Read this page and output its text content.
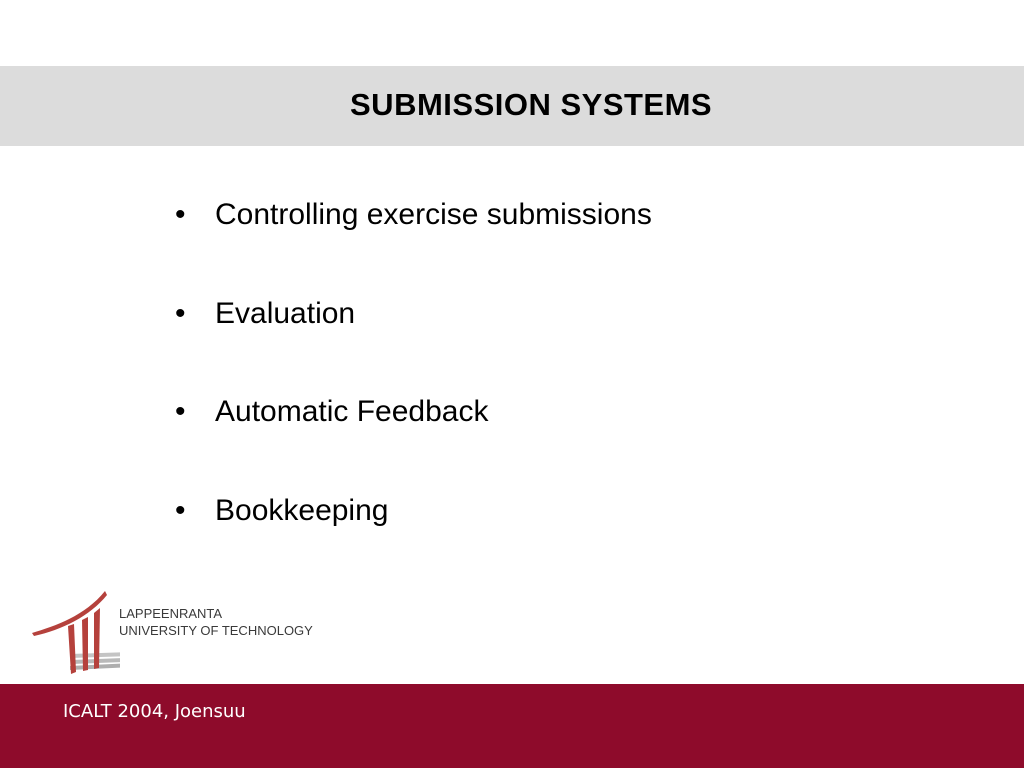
SUBMISSION SYSTEMS
• Controlling exercise submissions
• Evaluation
• Automatic Feedback
• Bookkeeping
LAPPEENRANTA
UNIVERSITY OF TECHNOLOGY
ICALT 2004, Joensuu
